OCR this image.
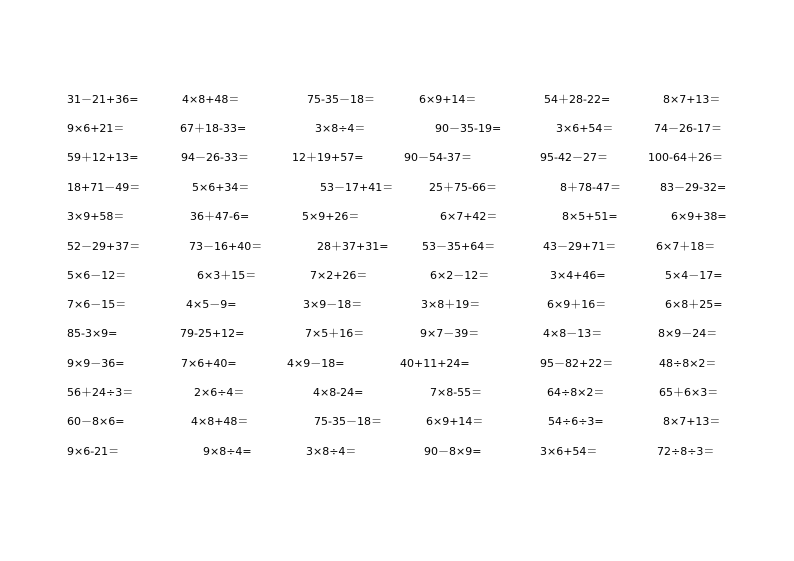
31－21+36=	4×8+48＝	75-35－18＝	6×9+14＝	54＋28-22=	8×7+13＝
9×6+21＝	67＋18-33=	3×8÷4＝	90－35-19=	3×6+54＝	74－26-17＝
59＋12+13=	94－26-33＝	12＋19+57=	90－54-37＝	95-42－27＝	100-64＋26＝
18+71－49＝	5×6+34＝	53－17+41＝	25＋75-66＝	8＋78-47＝	83－29-32=
3×9+58＝	36＋47-6=	5×9+26＝	6×7+42＝	8×5+51=	6×9+38=
52－29+37＝	73－16+40＝	28＋37+31=	53－35+64＝	43－29+71＝	6×7＋18＝
5×6－12＝	6×3＋15＝	7×2+26＝	6×2－12＝	3×4+46=	5×4－17=
7×6－15＝	4×5－9=	3×9－18＝	3×8＋19＝	6×9＋16＝	6×8＋25=
85-3×9=	79-25+12=	7×5＋16＝	9×7－39＝	4×8－13＝	8×9－24＝
9×9－36=	7×6+40=	4×9－18=	40+11+24=	95－82+22＝	48÷8×2＝
56＋24÷3＝	2×6÷4＝	4×8-24=	7×8-55＝	64÷8×2＝	65＋6×3＝
60－8×6=	4×8+48＝	75-35－18＝	6×9+14＝	54÷6÷3=	8×7+13＝
9×6-21＝	9×8÷4=	3×8÷4＝	90－8×9=	3×6+54＝	72÷8÷3＝
